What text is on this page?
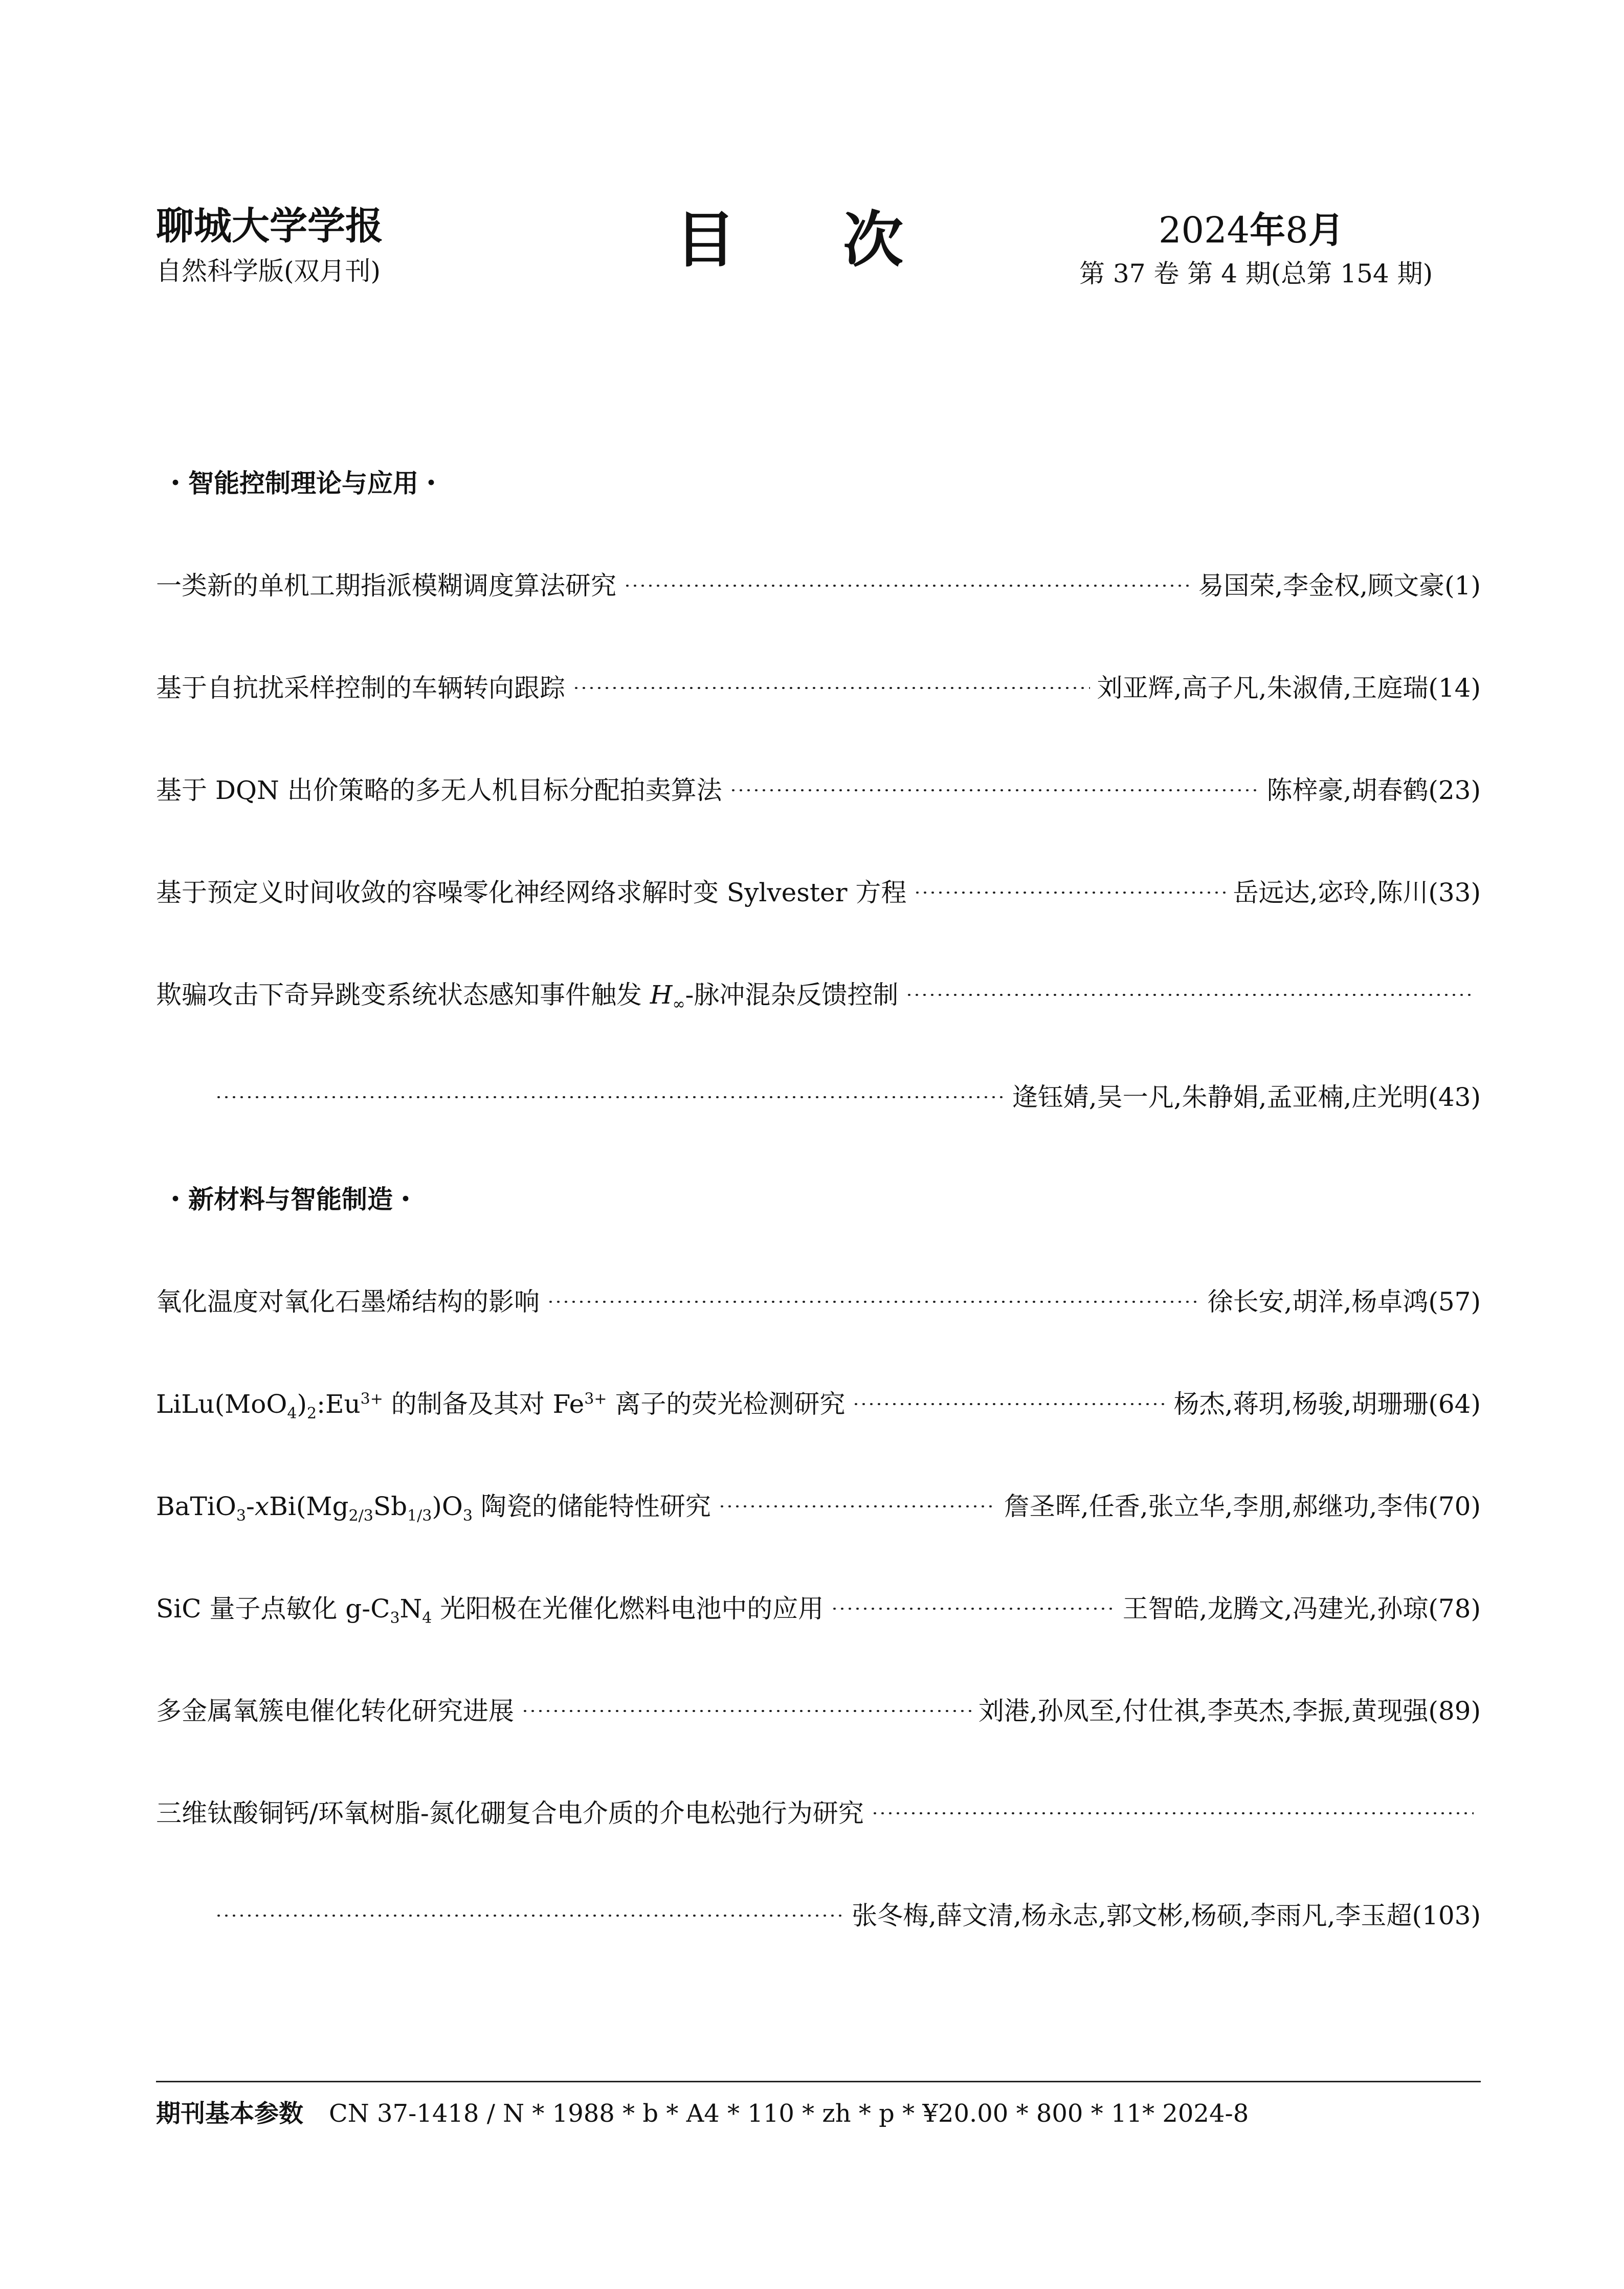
聊城大学学报
自然科学版(双月刊)	目次	2024年8月
第 37 卷 第 4 期(总第 154 期)
・智能控制理论与应用・
一类新的单机工期指派模糊调度算法研究	易国荣,李金权,顾文豪(1)
基于自抗扰采样控制的车辆转向跟踪	刘亚辉,高子凡,朱淑倩,王庭瑞(14)
基于 DQN 出价策略的多无人机目标分配拍卖算法	陈梓豪,胡春鹤(23)
基于预定义时间收敛的容噪零化神经网络求解时变 Sylvester 方程	岳远达,宓玲,陈川(33)
欺骗攻击下奇异跳变系统状态感知事件触发 $H_\infty-$脉冲混杂反馈控制
逄钰婧,吴一凡,朱静娟,孟亚楠,庄光明(43)
・新材料与智能制造・
氧化温度对氧化石墨烯结构的影响	徐长安,胡洋,杨卓鸿(57)
$LiLu(MoO_4)_2:Eu^{3+}$ 的制备及其对 $Fe^{3+}$ 离子的荧光检测研究	杨杰,蒋玥,杨骏,胡珊珊(64)
$BaTiO_3-xBi(Mg_{2/3}Sb_{1/3})O_3$ 陶瓷的储能特性研究	詹圣晖,任香,张立华,李朋,郝继功,李伟(70)
SiC 量子点敏化 $g-C_3N_4$ 光阳极在光催化燃料电池中的应用	王智皓,龙腾文,冯建光,孙琼(78)
多金属氧簇电催化转化研究进展	刘港,孙凤至,付仕祺,李英杰,李振,黄现强(89)
三维钛酸铜钙/环氧树脂-氮化硼复合电介质的介电松弛行为研究
张冬梅,薛文清,杨永志,郭文彬,杨硕,李雨凡,李玉超(103)
期刊基本参数 CN 37-1418 / N * 1988 * b * A4 * 110 * zh * p * ¥20.00 * 800 * 11* 2024-8
